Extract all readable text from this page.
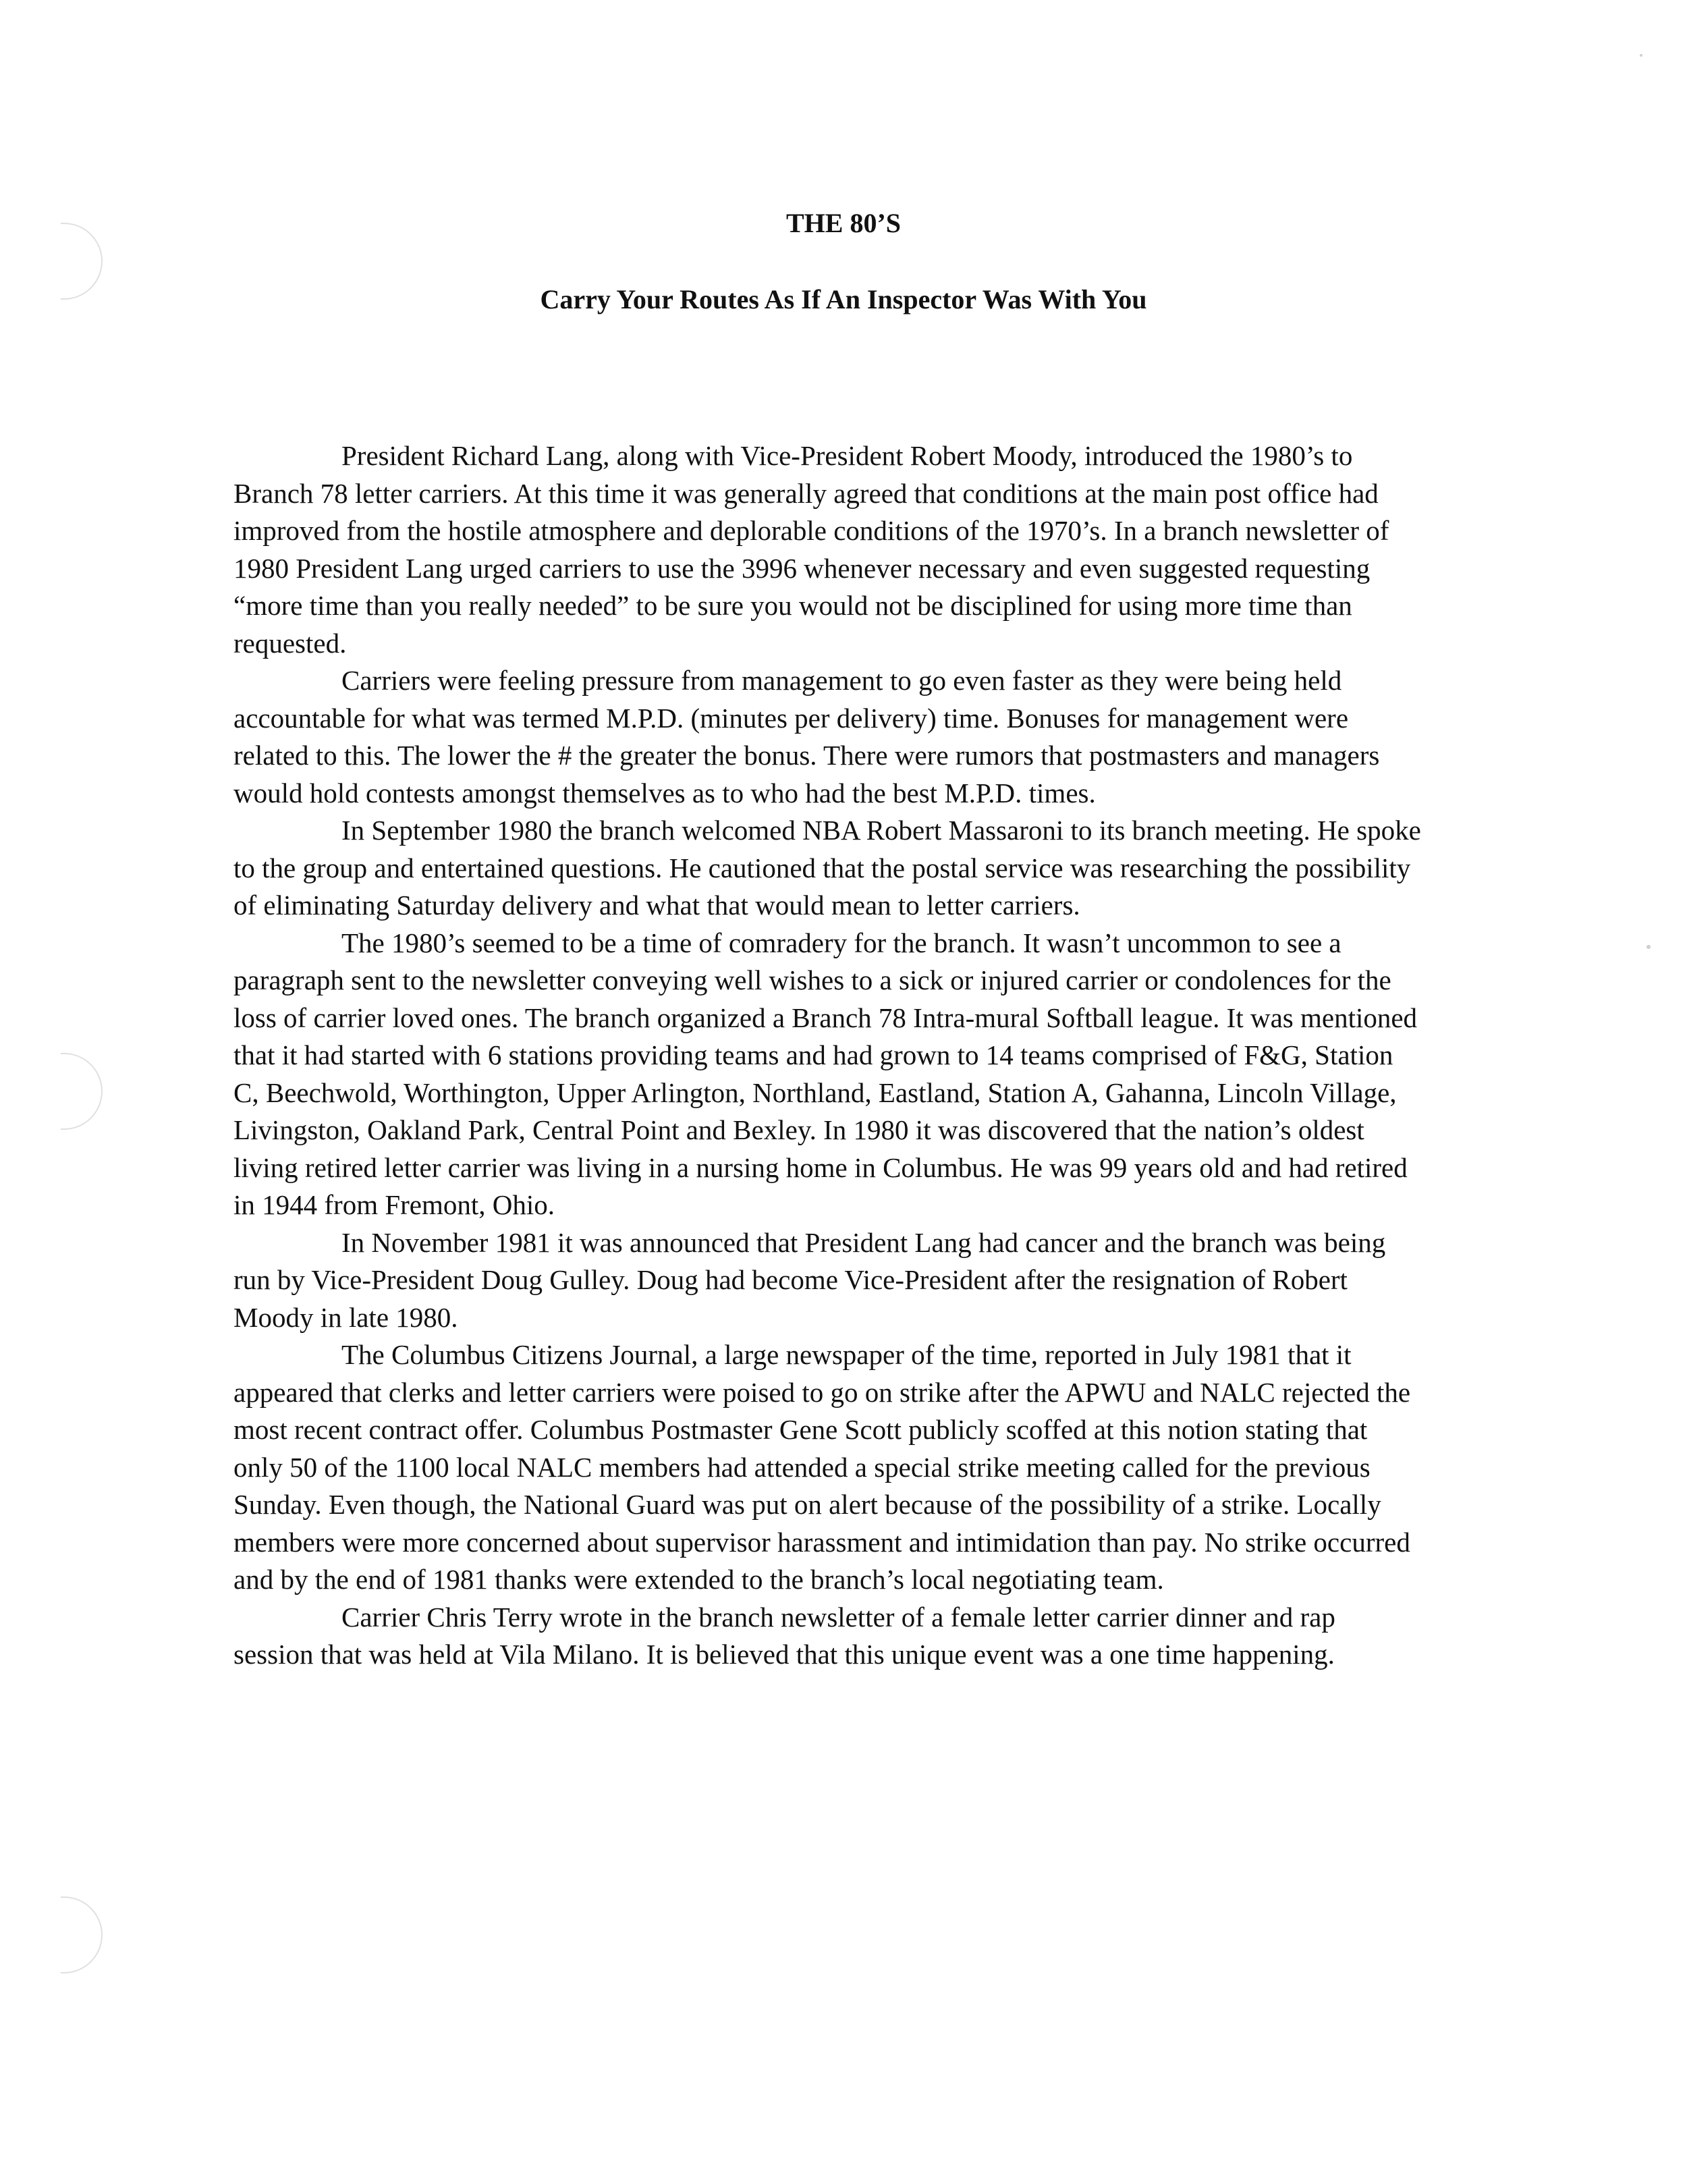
THE 80’S
Carry Your Routes As If An Inspector Was With You

President Richard Lang, along with Vice-President Robert Moody, introduced the 1980’s to Branch 78 letter carriers. At this time it was generally agreed that conditions at the main post office had improved from the hostile atmosphere and deplorable conditions of the 1970’s. In a branch newsletter of 1980 President Lang urged carriers to use the 3996 whenever necessary and even suggested requesting “more time than you really needed” to be sure you would not be disciplined for using more time than requested.

Carriers were feeling pressure from management to go even faster as they were being held accountable for what was termed M.P.D. (minutes per delivery) time. Bonuses for management were related to this. The lower the # the greater the bonus. There were rumors that postmasters and managers would hold contests amongst themselves as to who had the best M.P.D. times.

In September 1980 the branch welcomed NBA Robert Massaroni to its branch meeting. He spoke to the group and entertained questions. He cautioned that the postal service was researching the possibility of eliminating Saturday delivery and what that would mean to letter carriers.

The 1980’s seemed to be a time of comradery for the branch. It wasn’t uncommon to see a paragraph sent to the newsletter conveying well wishes to a sick or injured carrier or condolences for the loss of carrier loved ones. The branch organized a Branch 78 Intra-mural Softball league. It was mentioned that it had started with 6 stations providing teams and had grown to 14 teams comprised of F&G, Station C, Beechwold, Worthington, Upper Arlington, Northland, Eastland, Station A, Gahanna, Lincoln Village, Livingston, Oakland Park, Central Point and Bexley. In 1980 it was discovered that the nation’s oldest living retired letter carrier was living in a nursing home in Columbus. He was 99 years old and had retired in 1944 from Fremont, Ohio.

In November 1981 it was announced that President Lang had cancer and the branch was being run by Vice-President Doug Gulley. Doug had become Vice-President after the resignation of Robert Moody in late 1980.

The Columbus Citizens Journal, a large newspaper of the time, reported in July 1981 that it appeared that clerks and letter carriers were poised to go on strike after the APWU and NALC rejected the most recent contract offer. Columbus Postmaster Gene Scott publicly scoffed at this notion stating that only 50 of the 1100 local NALC members had attended a special strike meeting called for the previous Sunday. Even though, the National Guard was put on alert because of the possibility of a strike. Locally members were more concerned about supervisor harassment and intimidation than pay. No strike occurred and by the end of 1981 thanks were extended to the branch’s local negotiating team.

Carrier Chris Terry wrote in the branch newsletter of a female letter carrier dinner and rap session that was held at Vila Milano. It is believed that this unique event was a one time happening.
